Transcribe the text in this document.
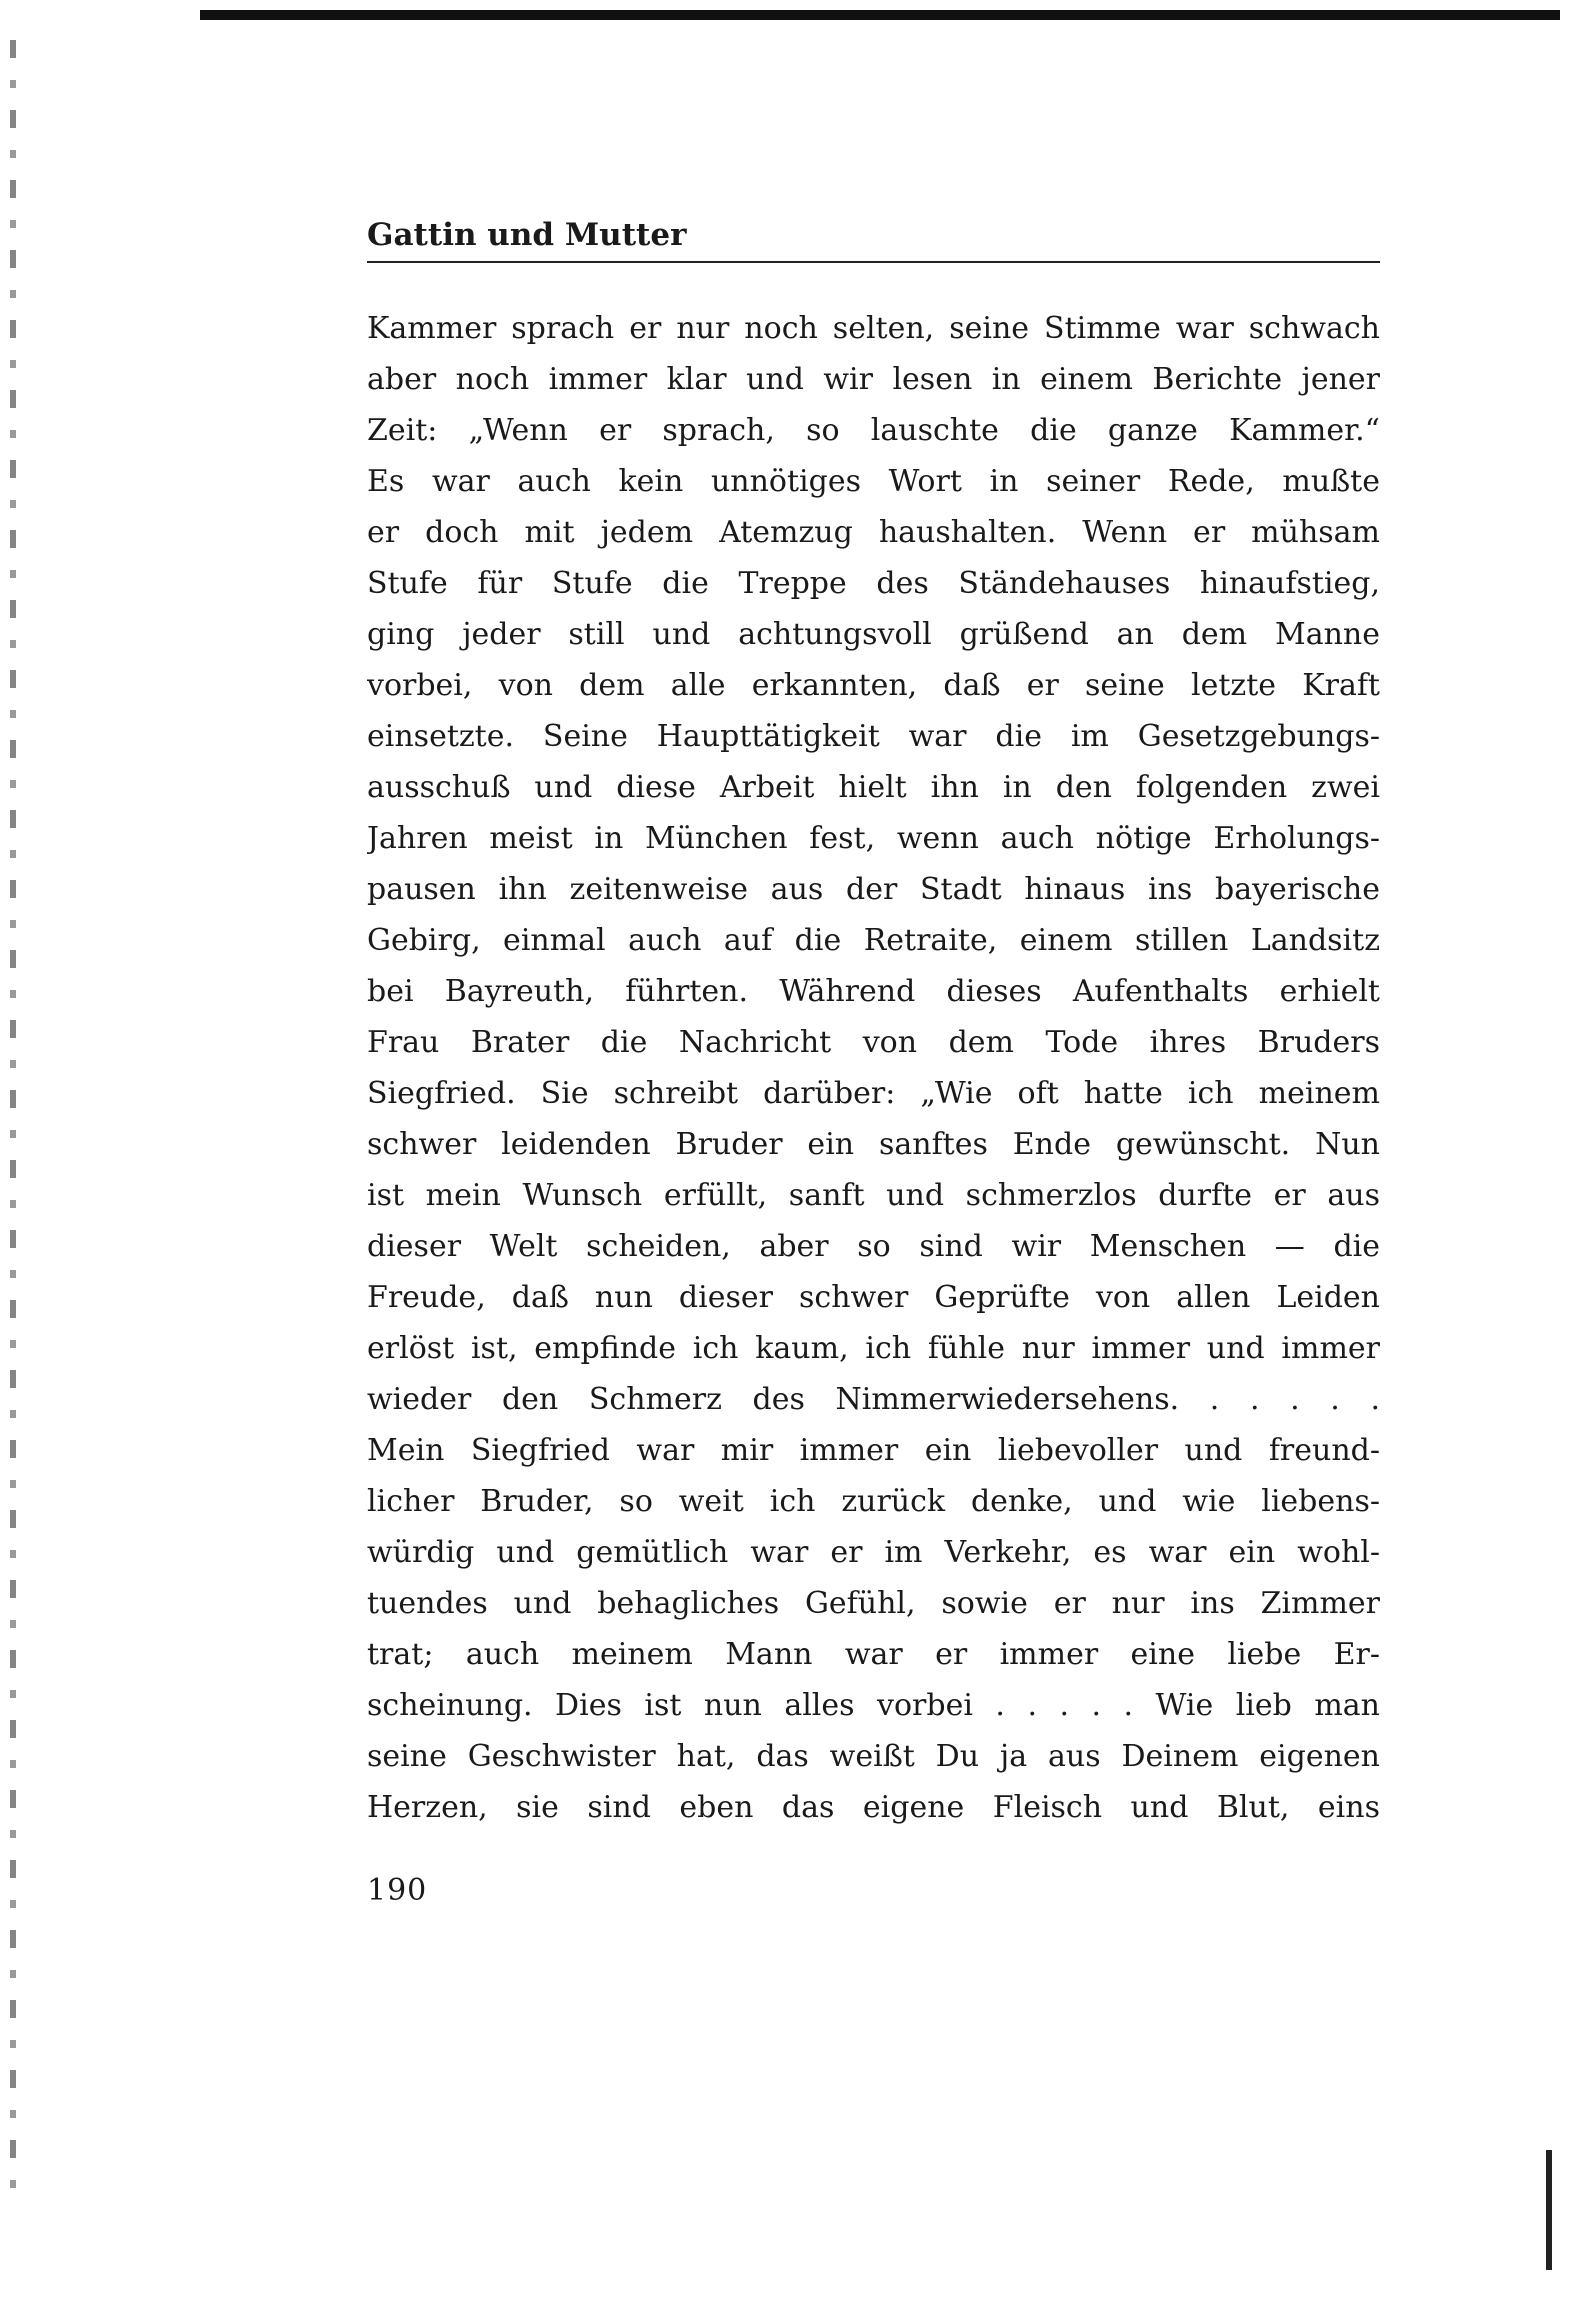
Gattin und Mutter
Kammer sprach er nur noch selten, seine Stimme war schwach
aber noch immer klar und wir lesen in einem Berichte jener
Zeit: „Wenn er sprach, so lauschte die ganze Kammer.“
Es war auch kein unnötiges Wort in seiner Rede, mußte
er doch mit jedem Atemzug haushalten. Wenn er mühsam
Stufe für Stufe die Treppe des Ständehauses hinaufstieg,
ging jeder still und achtungsvoll grüßend an dem Manne
vorbei, von dem alle erkannten, daß er seine letzte Kraft
einsetzte. Seine Haupttätigkeit war die im Gesetzgebungs-
ausschuß und diese Arbeit hielt ihn in den folgenden zwei
Jahren meist in München fest, wenn auch nötige Erholungs-
pausen ihn zeitenweise aus der Stadt hinaus ins bayerische
Gebirg, einmal auch auf die Retraite, einem stillen Landsitz
bei Bayreuth, führten. Während dieses Aufenthalts erhielt
Frau Brater die Nachricht von dem Tode ihres Bruders
Siegfried. Sie schreibt darüber: „Wie oft hatte ich meinem
schwer leidenden Bruder ein sanftes Ende gewünscht. Nun
ist mein Wunsch erfüllt, sanft und schmerzlos durfte er aus
dieser Welt scheiden, aber so sind wir Menschen — die
Freude, daß nun dieser schwer Geprüfte von allen Leiden
erlöst ist, empfinde ich kaum, ich fühle nur immer und immer
wieder den Schmerz des Nimmerwiedersehens. . . . . .
Mein Siegfried war mir immer ein liebevoller und freund-
licher Bruder, so weit ich zurück denke, und wie liebens-
würdig und gemütlich war er im Verkehr, es war ein wohl-
tuendes und behagliches Gefühl, sowie er nur ins Zimmer
trat; auch meinem Mann war er immer eine liebe Er-
scheinung. Dies ist nun alles vorbei . . . . . Wie lieb man
seine Geschwister hat, das weißt Du ja aus Deinem eigenen
Herzen, sie sind eben das eigene Fleisch und Blut, eins
190
